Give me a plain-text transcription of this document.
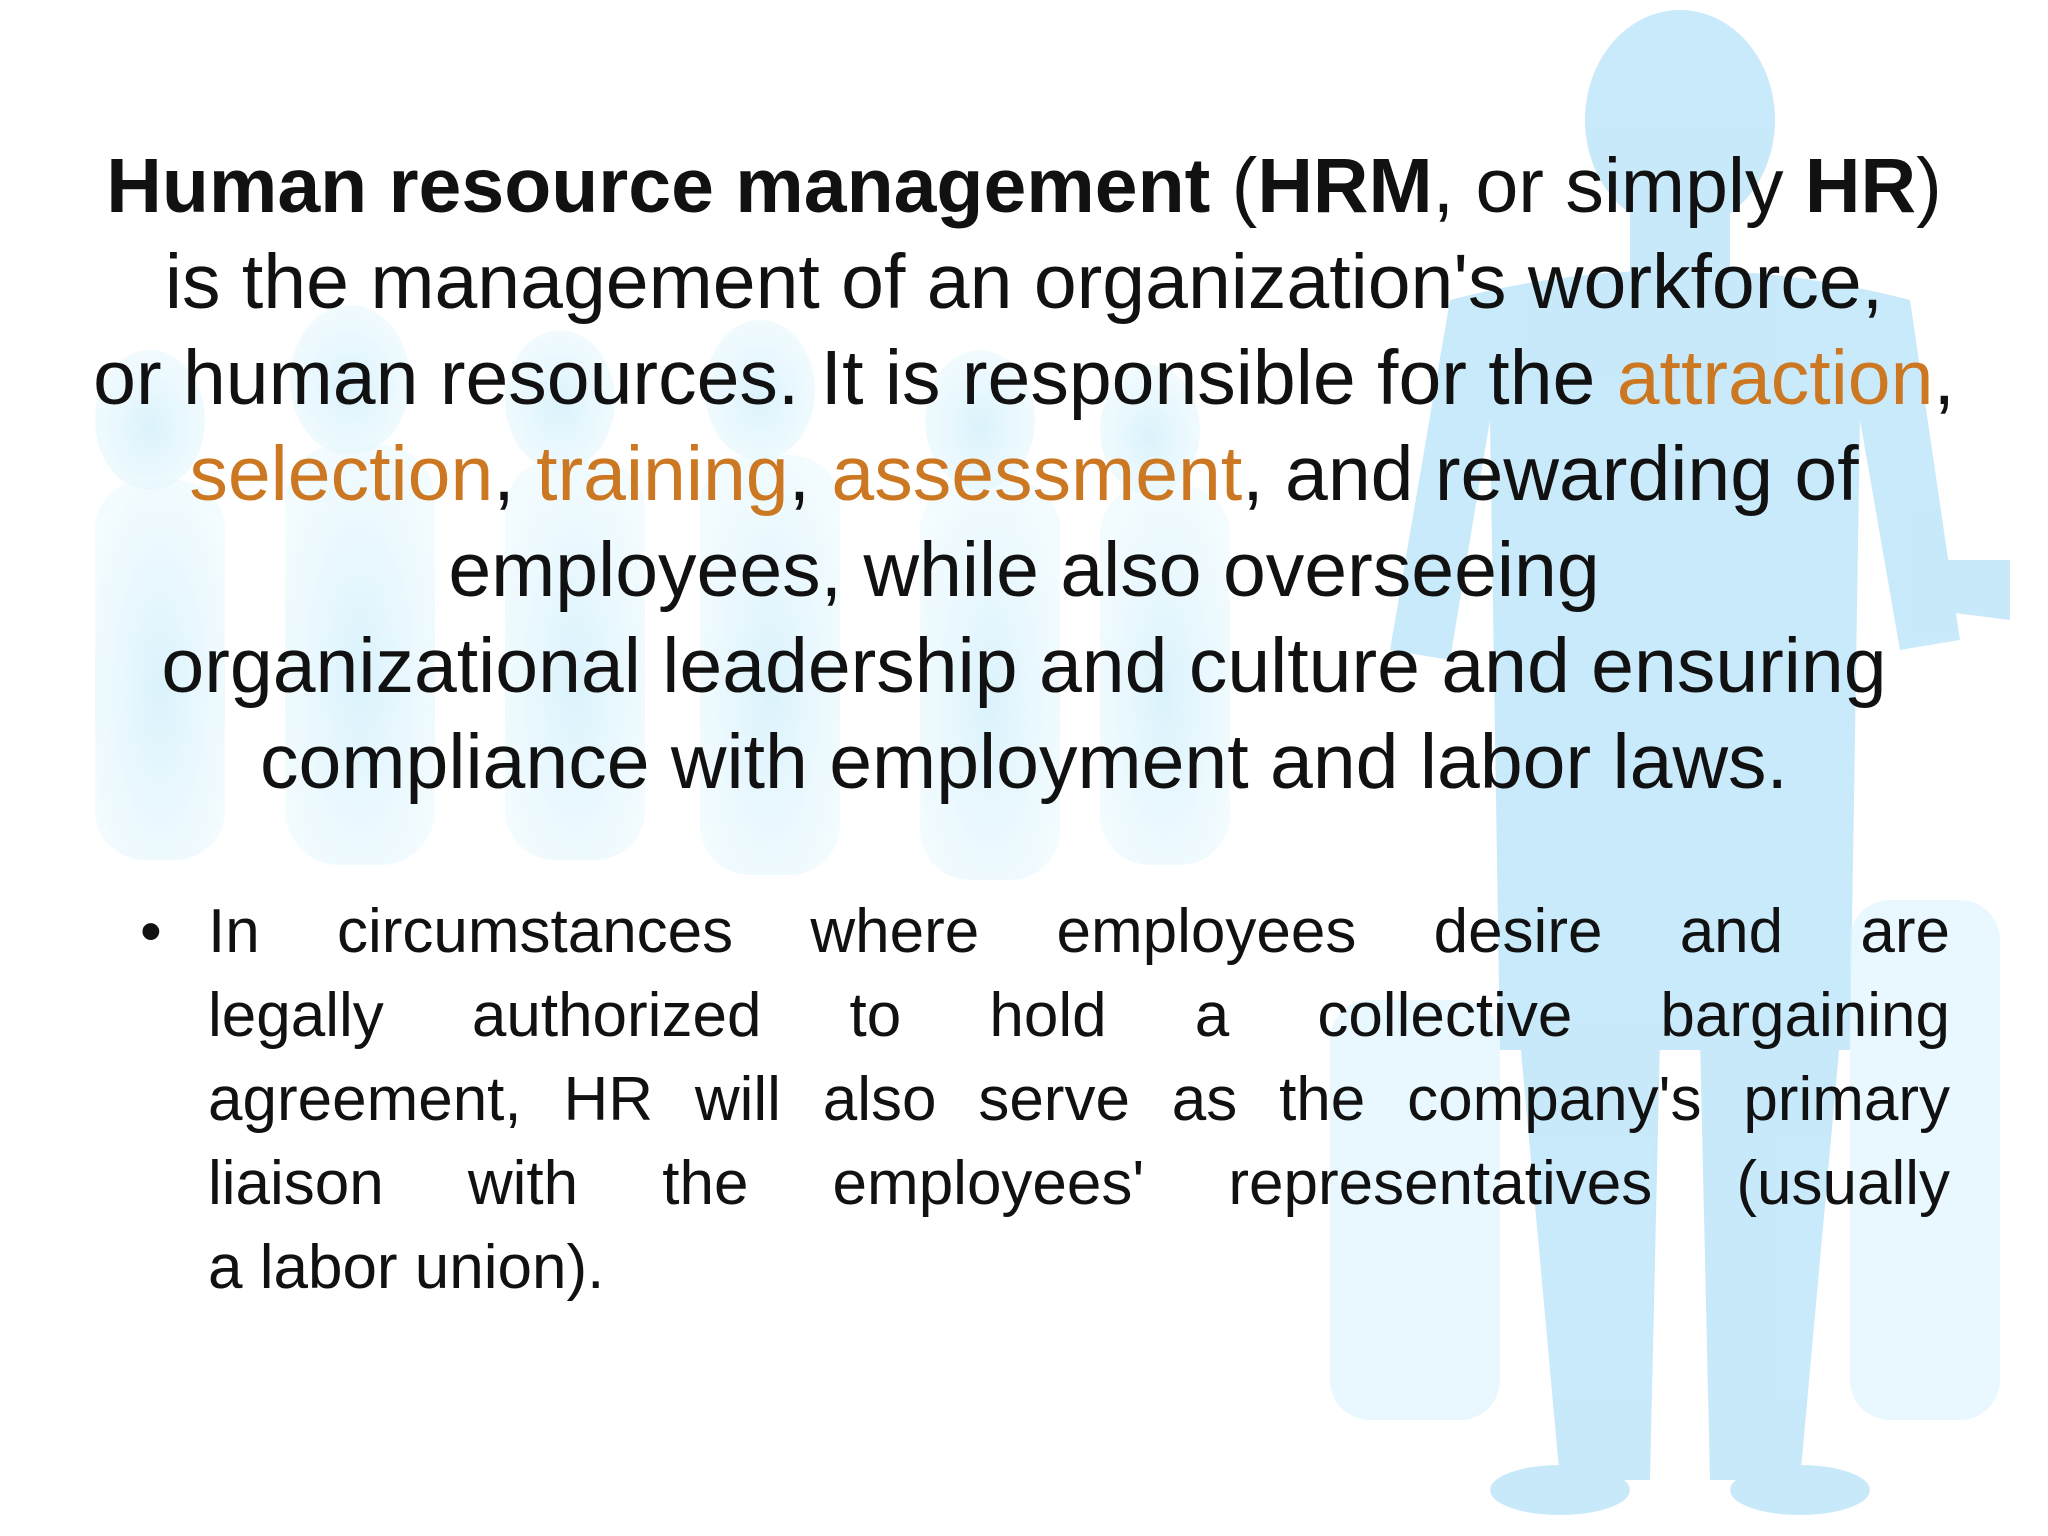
Human resource management (HRM, or simply HR)
is the management of an organization's workforce,
or human resources. It is responsible for the attraction,
selection, training, assessment, and rewarding of
employees, while also overseeing
organizational leadership and culture and ensuring
compliance with employment and labor laws.
• In circumstances where employees desire and are
legally authorized to hold a collective bargaining
agreement, HR will also serve as the company's primary
liaison with the employees' representatives (usually
a labor union).
